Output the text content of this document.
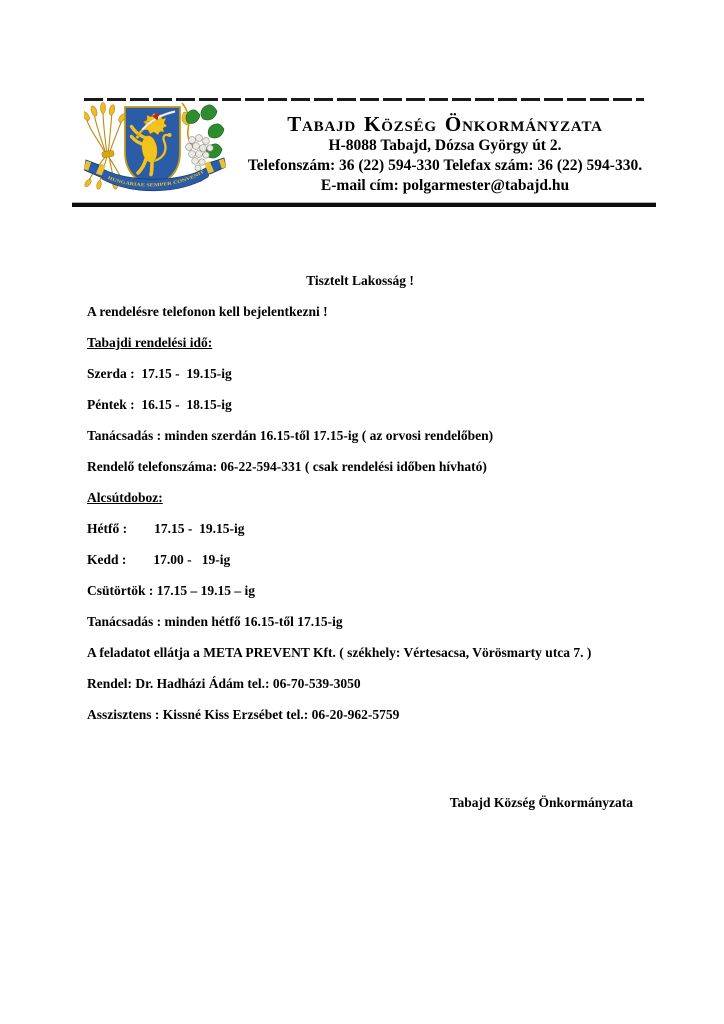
HUNGARIAE SEMPER CONVENIT
Tabajd Község Önkormányzata

H-8088 Tabajd, Dózsa György út 2.

Telefonszám: 36 (22) 594-330 Telefax szám: 36 (22) 594-330.

E-mail cím: polgarmester@tabajd.hu

Tisztelt Lakosság !

A rendelésre telefonon kell bejelentkezni !

Tabajdi rendelési idő:

Szerda :  17.15 -  19.15-ig

Péntek :  16.15 -  18.15-ig

Tanácsadás : minden szerdán 16.15-től 17.15-ig ( az orvosi rendelőben)

Rendelő telefonszáma: 06-22-594-331 ( csak rendelési időben hívható)

Alcsútdoboz:

Hétfő :        17.15 -  19.15-ig

Kedd :        17.00 -   19-ig

Csütörtök : 17.15 – 19.15 – ig

Tanácsadás : minden hétfő 16.15-től 17.15-ig

A feladatot ellátja a META PREVENT Kft. ( székhely: Vértesacsa, Vörösmarty utca 7. )

Rendel: Dr. Hadházi Ádám tel.: 06-70-539-3050

Asszisztens : Kissné Kiss Erzsébet tel.: 06-20-962-5759

Tabajd Község Önkormányzata
